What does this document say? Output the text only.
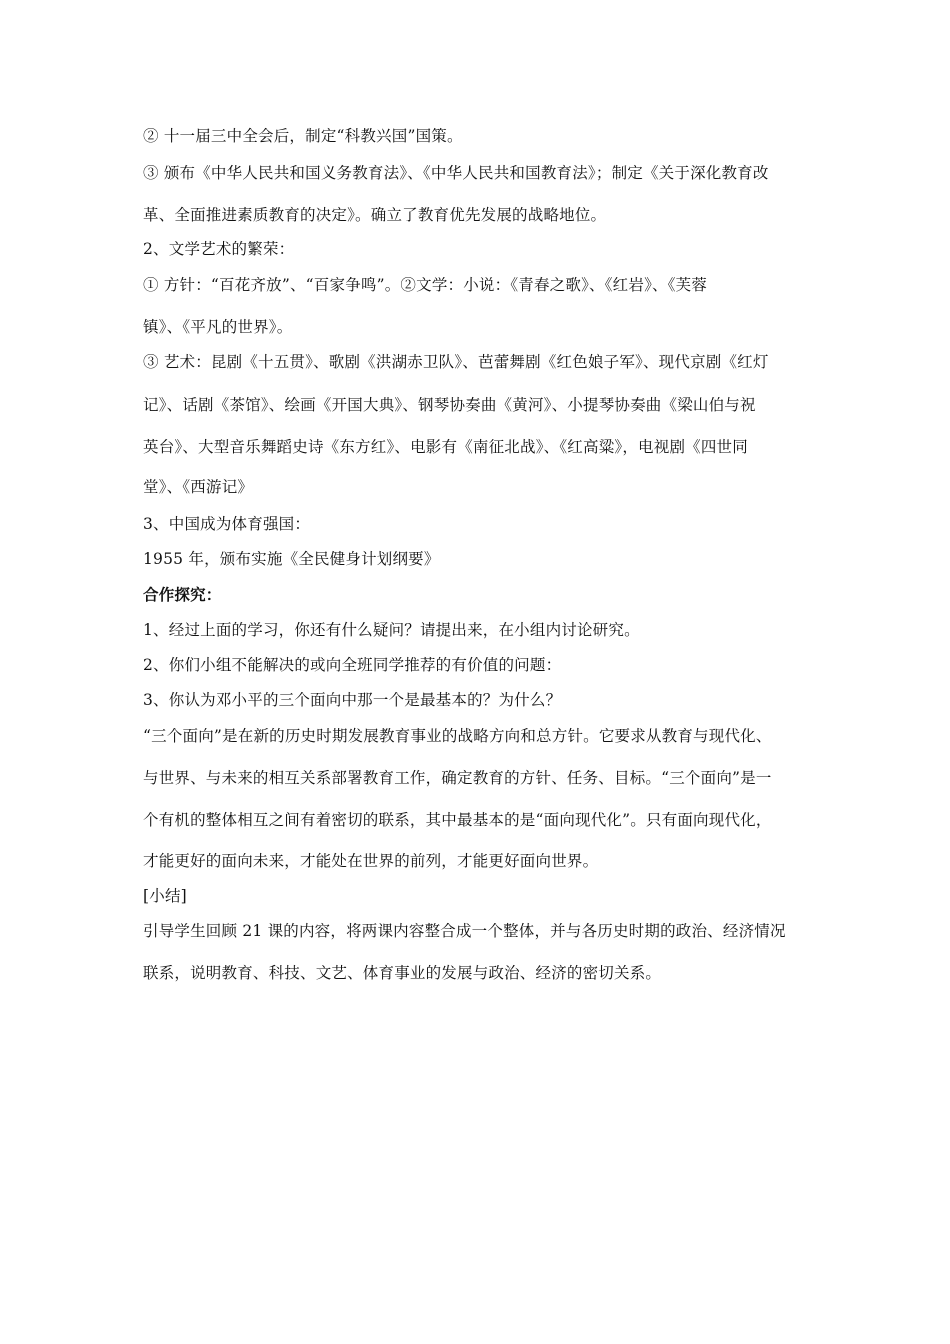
② 十一届三中全会后，制定“科教兴国”国策。
③ 颁布《中华人民共和国义务教育法》、《中华人民共和国教育法》；制定《关于深化教育改
革、全面推进素质教育的决定》。确立了教育优先发展的战略地位。
2、文学艺术的繁荣：
① 方针：“百花齐放”、“百家争鸣”。②文学：小说：《青春之歌》、《红岩》、《芙蓉
镇》、《平凡的世界》。
③ 艺术：昆剧《十五贯》、歌剧《洪湖赤卫队》、芭蕾舞剧《红色娘子军》、现代京剧《红灯
记》、话剧《茶馆》、绘画《开国大典》、钢琴协奏曲《黄河》、小提琴协奏曲《梁山伯与祝
英台》、大型音乐舞蹈史诗《东方红》、电影有《南征北战》、《红高粱》，电视剧《四世同
堂》、《西游记》
3、中国成为体育强国：
1955 年，颁布实施《全民健身计划纲要》
合作探究：
1、经过上面的学习，你还有什么疑问？请提出来，在小组内讨论研究。
2、你们小组不能解决的或向全班同学推荐的有价值的问题：
3、你认为邓小平的三个面向中那一个是最基本的？为什么？
“三个面向”是在新的历史时期发展教育事业的战略方向和总方针。它要求从教育与现代化、
与世界、与未来的相互关系部署教育工作，确定教育的方针、任务、目标。“三个面向”是一
个有机的整体相互之间有着密切的联系，其中最基本的是“面向现代化”。只有面向现代化，
才能更好的面向未来，才能处在世界的前列，才能更好面向世界。
[小结]
引导学生回顾 21 课的内容，将两课内容整合成一个整体，并与各历史时期的政治、经济情况
联系，说明教育、科技、文艺、体育事业的发展与政治、经济的密切关系。
